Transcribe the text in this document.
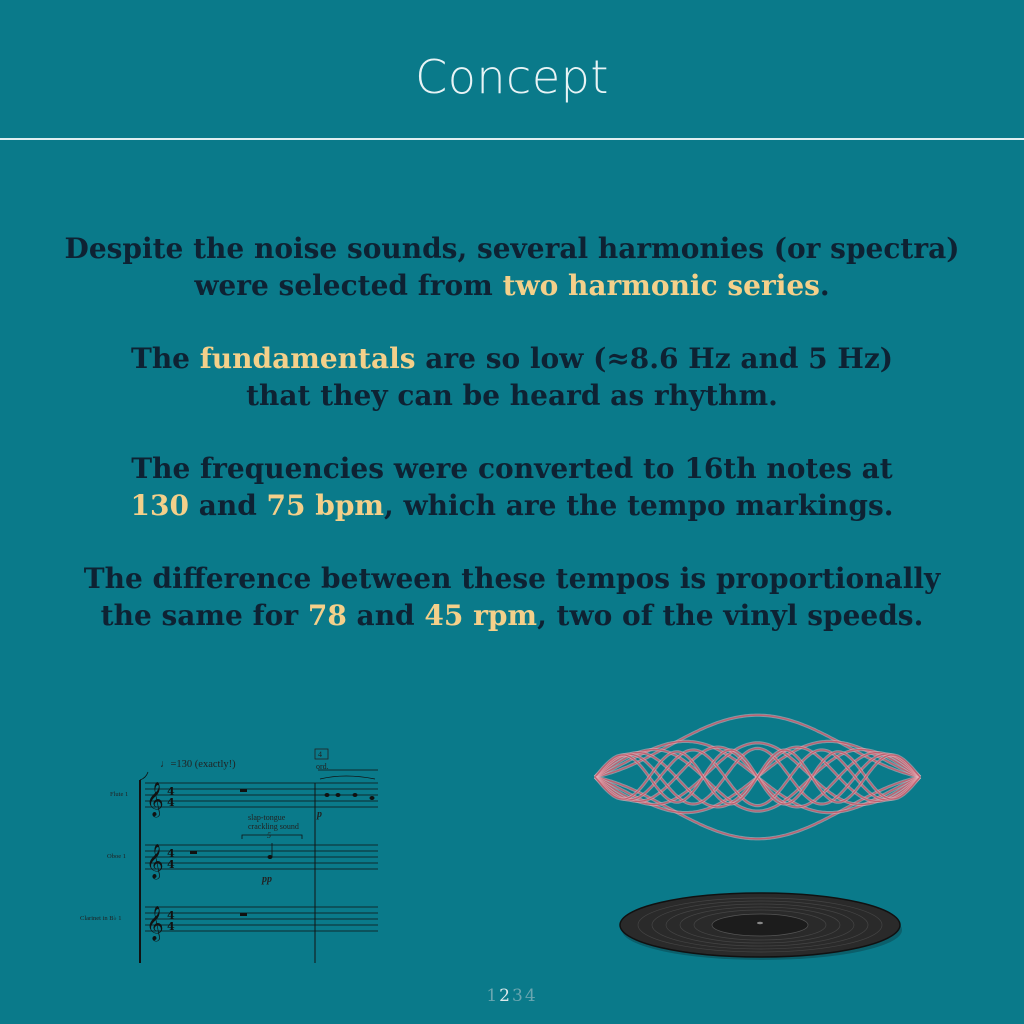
Concept
Despite the noise sounds, several harmonies (or spectra)
were selected from two harmonic series.
The fundamentals are so low (≈8.6 Hz and 5 Hz)
that they can be heard as rhythm.
The frequencies were converted to 16th notes at
130 and 75 bpm, which are the tempo markings.
The difference between these tempos is proportionally
the same for 78 and 45 rpm, two of the vinyl speeds.
𝄞
𝄞
𝄞
4
4
4
4
4
4
♩=130 (exactly!)
4
ord.
Flute 1
Oboe 1
Clarinet in B♭ 1
slap-tongue
crackling sound
5
pp
p
1234
